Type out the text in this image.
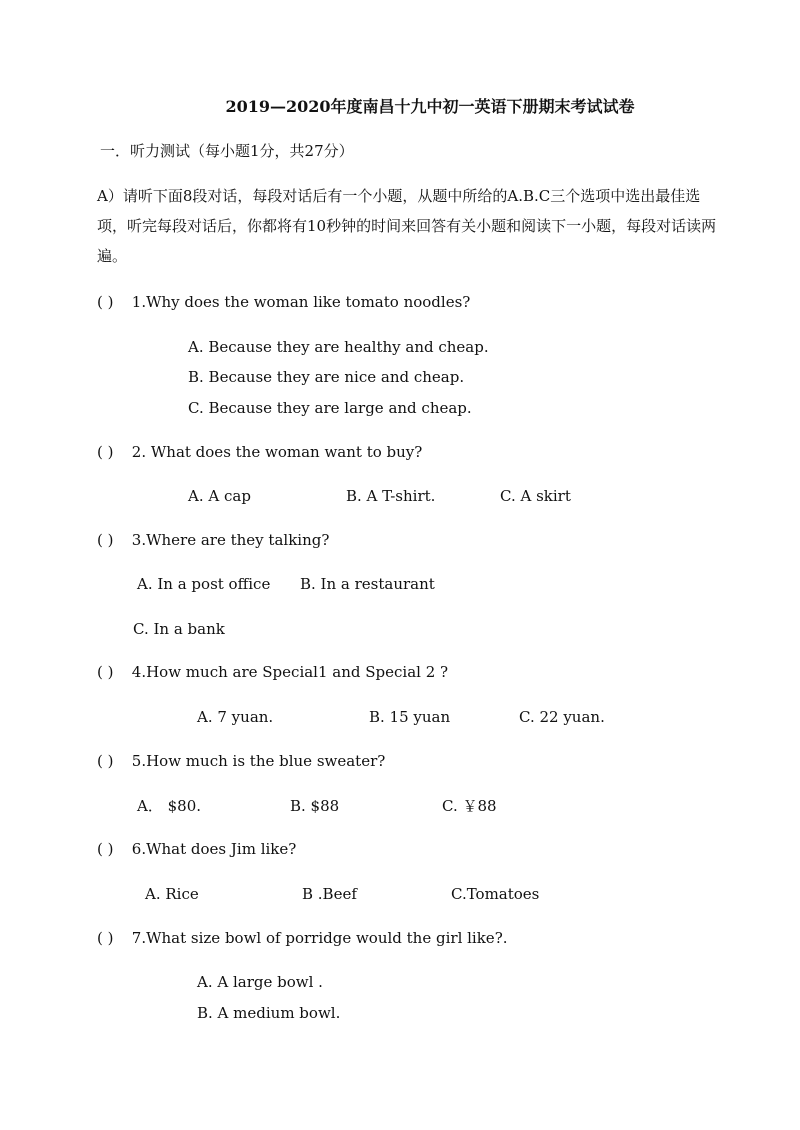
2019—2020年度南昌十九中初一英语下册期末考试试卷
一．听力测试（每小题1分，共27分）
A）请听下面8段对话，每段对话后有一个小题，从题中所给的A.B.C三个选项中选出最佳选项，听完每段对话后，你都将有10秒钟的时间来回答有关小题和阅读下一小题，每段对话读两遍。
( ) 1.Why does the woman like tomato noodles?
A. Because they are healthy and cheap.
B. Because they are nice and cheap.
C. Because they are large and cheap.
( ) 2. What does the woman want to buy?
A. A cap	B. A T-shirt.	C. A skirt
( ) 3.Where are they talking?
A. In a post office B. In a restaurant
C. In a bank
( ) 4.How much are Special1 and Special 2 ?
A. 7 yuan.	B. 15 yuan	C. 22 yuan.
( ) 5.How much is the blue sweater?
A． $80.	B. $88	C. ￥88
( ) 6.What does Jim like?
A. Rice	B .Beef	C.Tomatoes
( ) 7.What size bowl of porridge would the girl like?.
A. A large bowl .
B. A medium bowl.
